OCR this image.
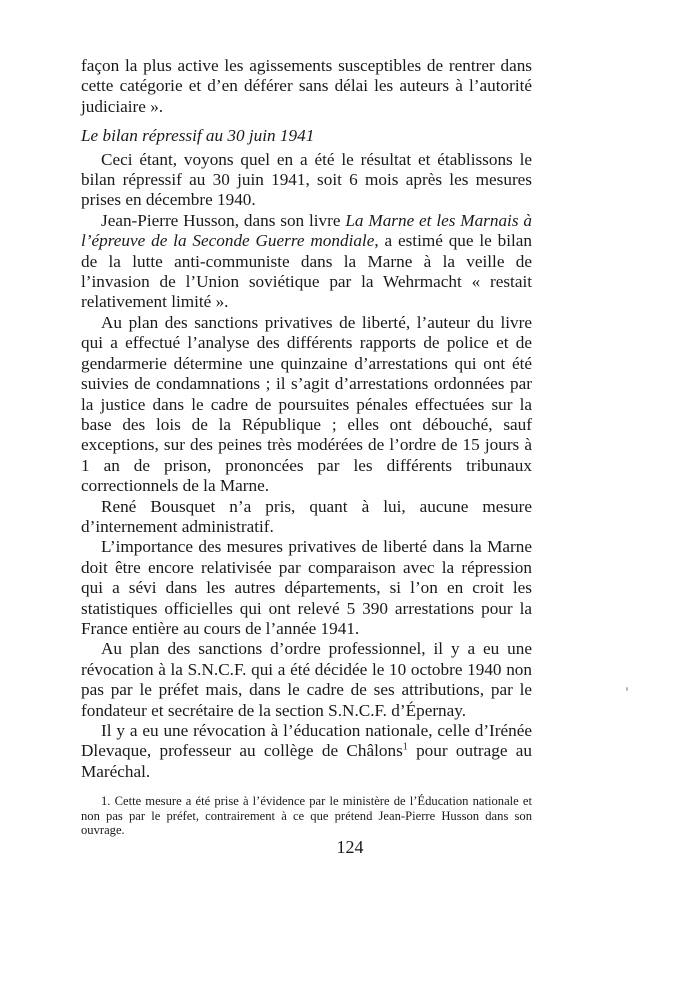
façon la plus active les agissements susceptibles de rentrer dans cette catégorie et d’en déférer sans délai les auteurs à l’autorité judiciaire ».

Le bilan répressif au 30 juin 1941

Ceci étant, voyons quel en a été le résultat et établissons le bilan répressif au 30 juin 1941, soit 6 mois après les mesures prises en décembre 1940.

Jean-Pierre Husson, dans son livre La Marne et les Marnais à l’épreuve de la Seconde Guerre mondiale, a estimé que le bilan de la lutte anti-communiste dans la Marne à la veille de l’invasion de l’Union soviétique par la Wehrmacht « restait relativement limité ».

Au plan des sanctions privatives de liberté, l’auteur du livre qui a effectué l’analyse des différents rapports de police et de gendarmerie détermine une quinzaine d’arrestations qui ont été suivies de condamnations ; il s’agit d’arrestations ordonnées par la justice dans le cadre de poursuites pénales effectuées sur la base des lois de la République ; elles ont débouché, sauf exceptions, sur des peines très modérées de l’ordre de 15 jours à 1 an de prison, prononcées par les différents tribunaux correctionnels de la Marne.

René Bousquet n’a pris, quant à lui, aucune mesure d’internement administratif.

L’importance des mesures privatives de liberté dans la Marne doit être encore relativisée par comparaison avec la répression qui a sévi dans les autres départements, si l’on en croit les statistiques officielles qui ont relevé 5 390 arrestations pour la France entière au cours de l’année 1941.

Au plan des sanctions d’ordre professionnel, il y a eu une révocation à la S.N.C.F. qui a été décidée le 10 octobre 1940 non pas par le préfet mais, dans le cadre de ses attributions, par le fondateur et secrétaire de la section S.N.C.F. d’Épernay.

Il y a eu une révocation à l’éducation nationale, celle d’Irénée Dlevaque, professeur au collège de Châlons$^1$ pour outrage au Maréchal.

1. Cette mesure a été prise à l’évidence par le ministère de l’Éducation nationale et non pas par le préfet, contrairement à ce que prétend Jean-Pierre Husson dans son ouvrage.

124
